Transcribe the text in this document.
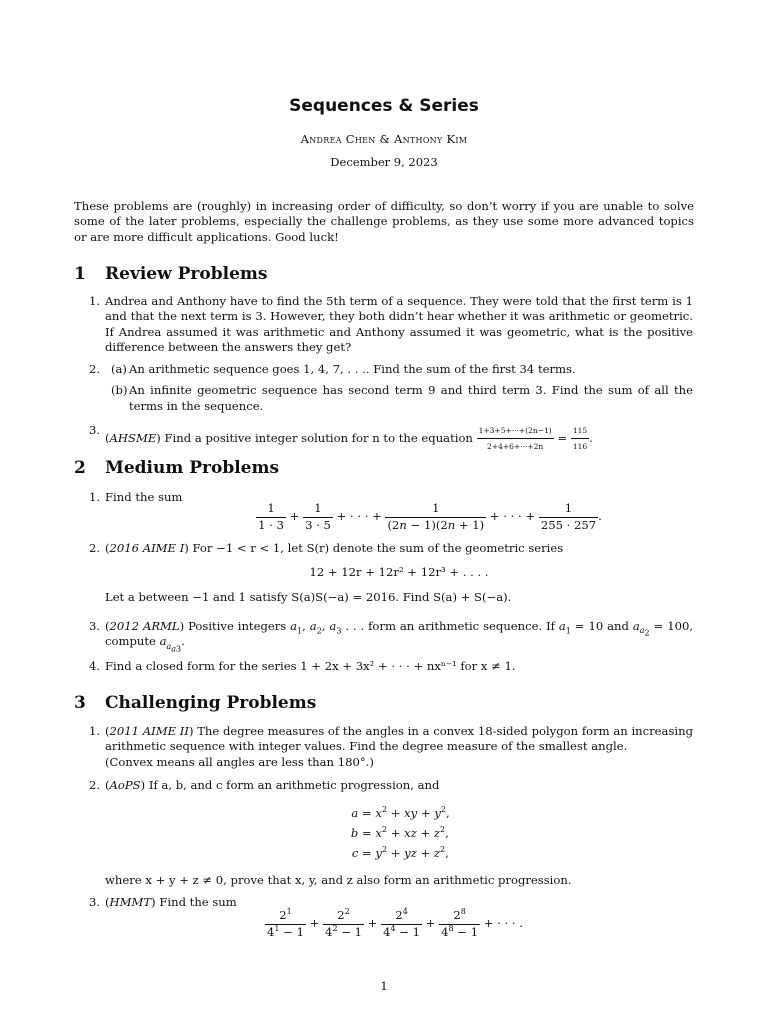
Sequences & Series
Andrea Chen & Anthony Kim
December 9, 2023
These problems are (roughly) in increasing order of difficulty, so don’t worry if you are unable to solve some of the later problems, especially the challenge problems, as they use some more advanced topics or are more difficult applications. Good luck!
1 Review Problems
1. Andrea and Anthony have to find the 5th term of a sequence. They were told that the first term is 1 and that the next term is 3. However, they both didn’t hear whether it was arithmetic or geometric. If Andrea assumed it was arithmetic and Anthony assumed it was geometric, what is the positive difference between the answers they get?
2. (a) An arithmetic sequence goes 1, 4, 7, . . .. Find the sum of the first 34 terms.
(b) An infinite geometric sequence has second term 9 and third term 3. Find the sum of all the terms in the sequence.
3.
(AHSME) Find a positive integer solution for n to the equation $\frac{1+3+5+\cdot\cdot\cdot+(2n-1)}{2+4+6+\cdot\cdot\cdot+2n} = \frac{115}{116}$ .
2 Medium Problems
1. Find the sum
$\frac{1}{1 \cdot 3} + \frac{1}{3 \cdot 5}$ + · · · + $\frac{1}{(2n - 1)(2n + 1)}$ + · · · + $\frac{1}{255 \cdot 257}$ .
2. (2016 AIME I) For −1 < r < 1, let S(r) denote the sum of the geometric series
12 + 12r + 12r² + 12r³ + . . . .
Let a between −1 and 1 satisfy S(a)S(−a) = 2016. Find S(a) + S(−a).
3. (2012 ARML) Positive integers $a_1$, $a_2$, $a_3$ . . . form an arithmetic sequence. If $a_1 = 10$ and $a_{a_2} = 100$, compute $a_{a_{a3}}$.
4. Find a closed form for the series 1 + 2x + 3x² + · · · + nxⁿ⁻¹ for x ≠ 1.
3 Challenging Problems
1. (2011 AIME II) The degree measures of the angles in a convex 18-sided polygon form an increasing arithmetic sequence with integer values. Find the degree measure of the smallest angle.
(Convex means all angles are less than 180°.)
2. (AoPS) If a, b, and c form an arithmetic progression, and
$a = x^2$ + xy + $y^2$,
$b = x^2$ + xz + $z^2$,
$c = y^2$ + yz + $z^2$,
where x + y + z ≠ 0, prove that x, y, and z also form an arithmetic progression.
3. (HMMT) Find the sum
$\frac{2^1}{4^1 - 1} + \frac{2^2}{4^2 - 1} + \frac{2^4}{4^4 - 1} + \frac{2^8}{4^8 - 1}$ + · · · .
1
